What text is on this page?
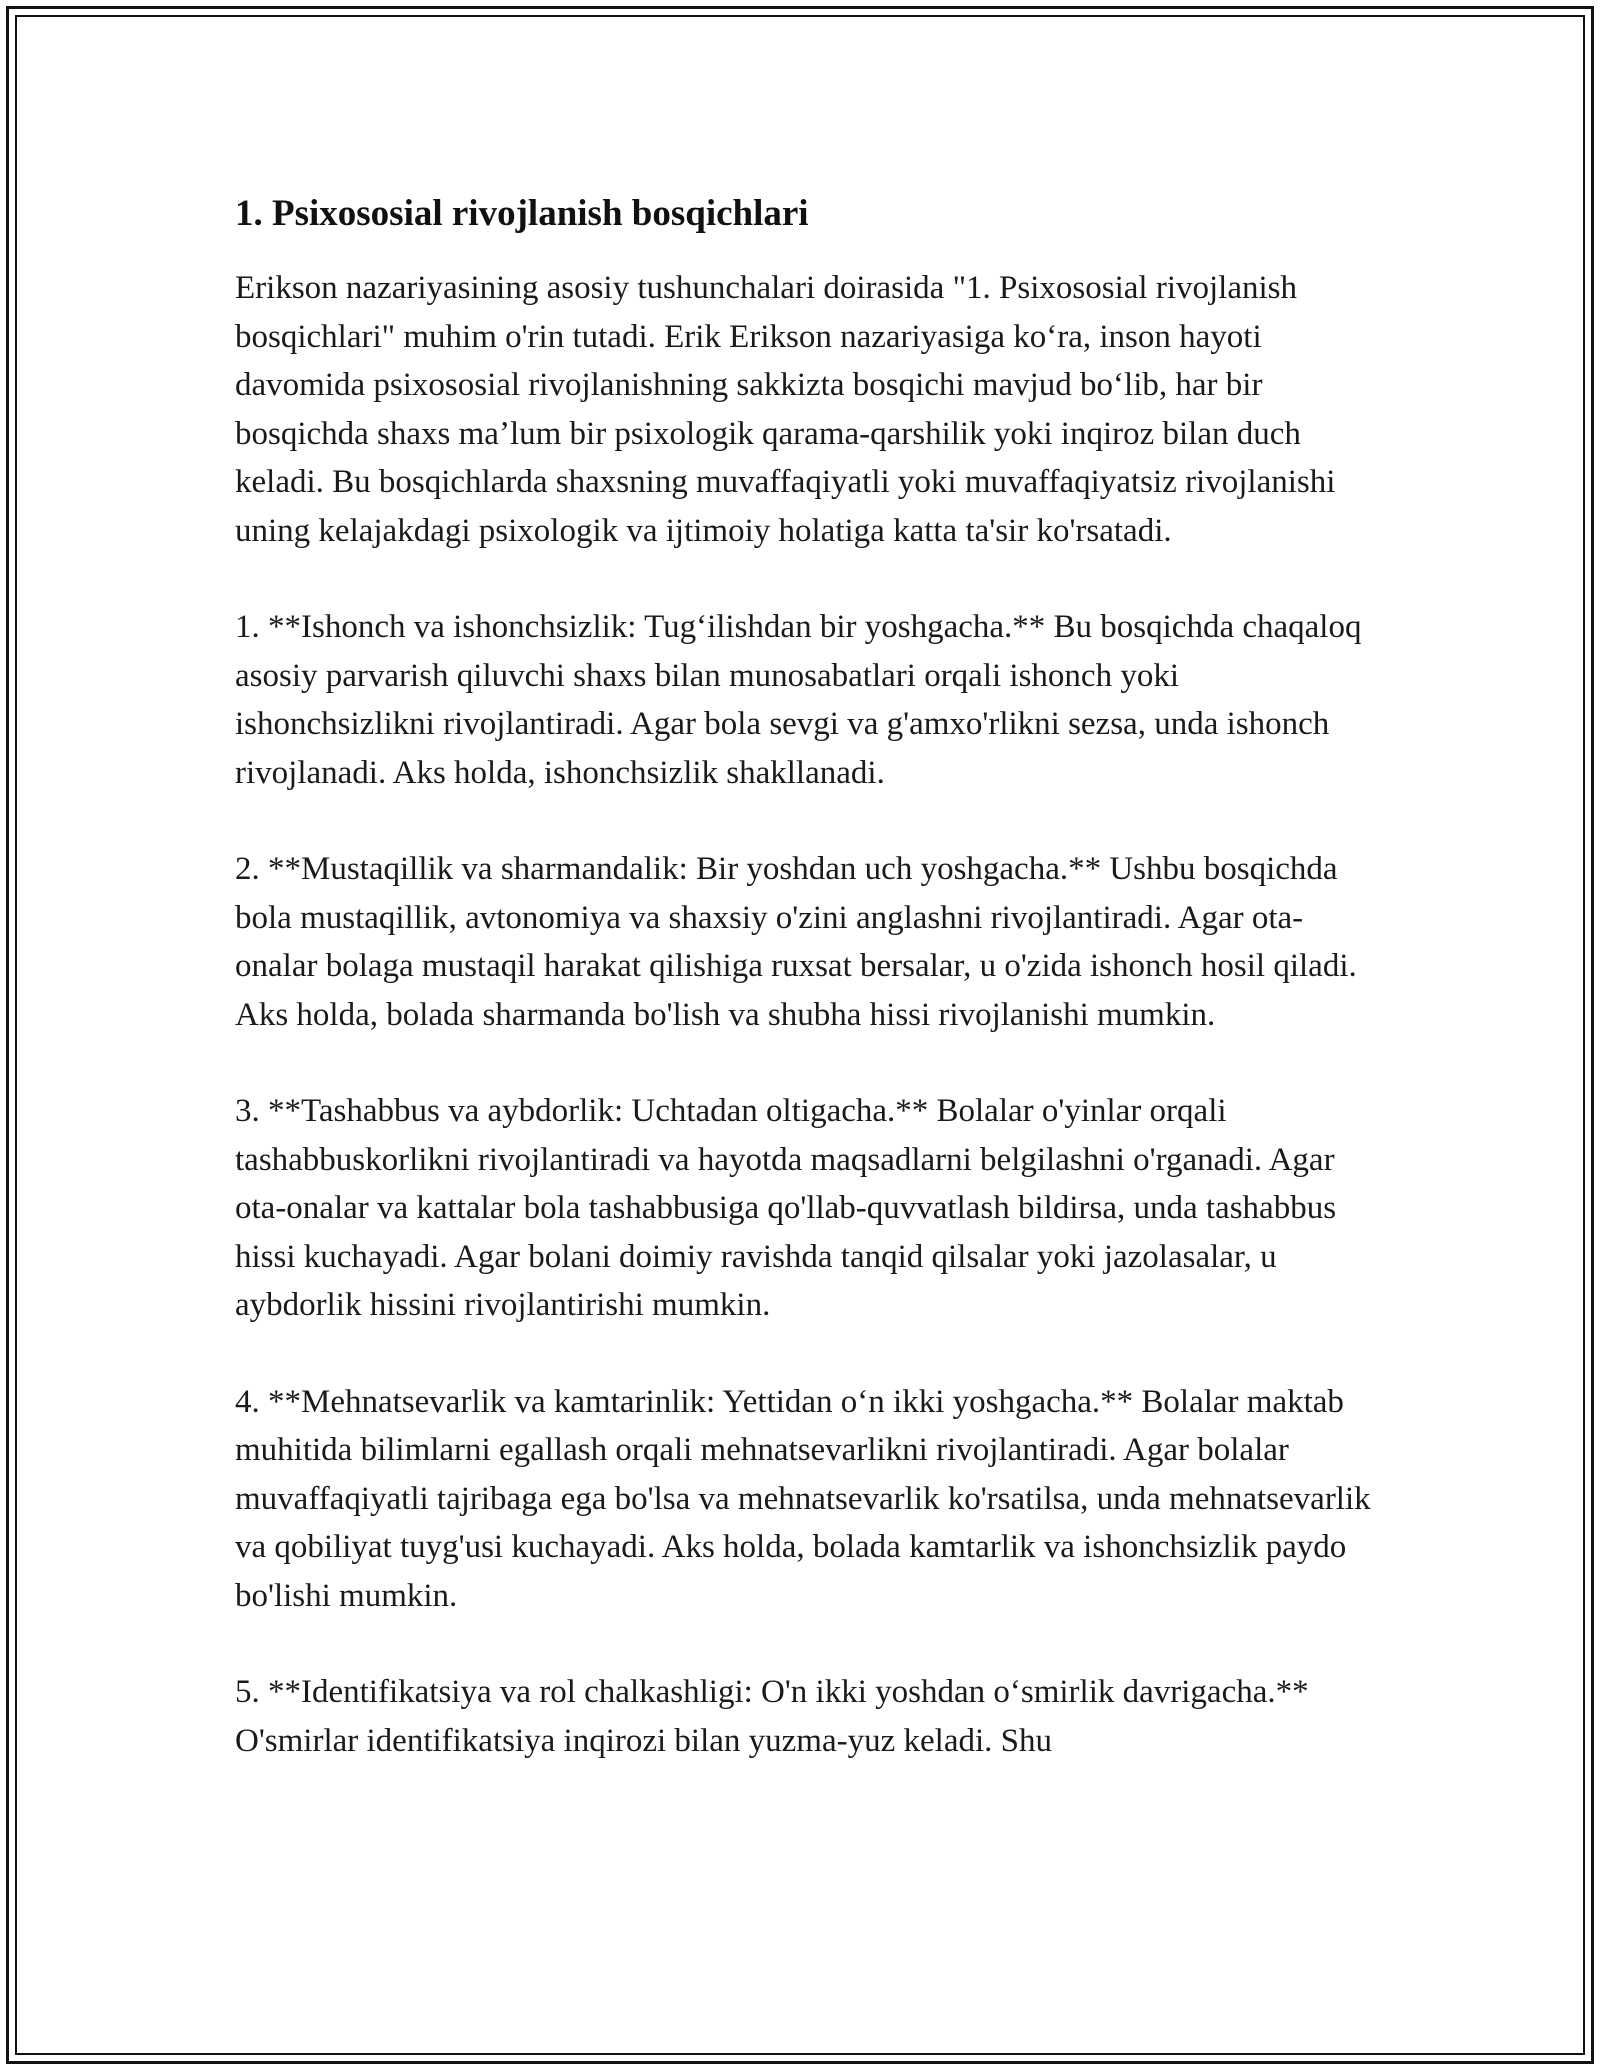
1. Psixososial rivojlanish bosqichlari

Erikson nazariyasining asosiy tushunchalari doirasida "1. Psixososial rivojlanish bosqichlari" muhim o'rin tutadi. Erik Erikson nazariyasiga koʻra, inson hayoti davomida psixososial rivojlanishning sakkizta bosqichi mavjud boʻlib, har bir bosqichda shaxs maʼlum bir psixologik qarama-qarshilik yoki inqiroz bilan duch keladi. Bu bosqichlarda shaxsning muvaffaqiyatli yoki muvaffaqiyatsiz rivojlanishi uning kelajakdagi psixologik va ijtimoiy holatiga katta ta'sir ko'rsatadi.

1. **Ishonch va ishonchsizlik: Tugʻilishdan bir yoshgacha.** Bu bosqichda chaqaloq asosiy parvarish qiluvchi shaxs bilan munosabatlari orqali ishonch yoki ishonchsizlikni rivojlantiradi. Agar bola sevgi va g'amxo'rlikni sezsa, unda ishonch rivojlanadi. Aks holda, ishonchsizlik shakllanadi.

2. **Mustaqillik va sharmandalik: Bir yoshdan uch yoshgacha.** Ushbu bosqichda bola mustaqillik, avtonomiya va shaxsiy o'zini anglashni rivojlantiradi. Agar ota-onalar bolaga mustaqil harakat qilishiga ruxsat bersalar, u o'zida ishonch hosil qiladi. Aks holda, bolada sharmanda bo'lish va shubha hissi rivojlanishi mumkin.

3. **Tashabbus va aybdorlik: Uchtadan oltigacha.** Bolalar o'yinlar orqali tashabbuskorlikni rivojlantiradi va hayotda maqsadlarni belgilashni o'rganadi. Agar ota-onalar va kattalar bola tashabbusiga qo'llab-quvvatlash bildirsa, unda tashabbus hissi kuchayadi. Agar bolani doimiy ravishda tanqid qilsalar yoki jazolasalar, u aybdorlik hissini rivojlantirishi mumkin.

4. **Mehnatsevarlik va kamtarinlik: Yettidan oʻn ikki yoshgacha.** Bolalar maktab muhitida bilimlarni egallash orqali mehnatsevarlikni rivojlantiradi. Agar bolalar muvaffaqiyatli tajribaga ega bo'lsa va mehnatsevarlik ko'rsatilsa, unda mehnatsevarlik va qobiliyat tuyg'usi kuchayadi. Aks holda, bolada kamtarlik va ishonchsizlik paydo bo'lishi mumkin.

5. **Identifikatsiya va rol chalkashligi: O'n ikki yoshdan oʻsmirlik davrigacha.** O'smirlar identifikatsiya inqirozi bilan yuzma-yuz keladi. Shu
